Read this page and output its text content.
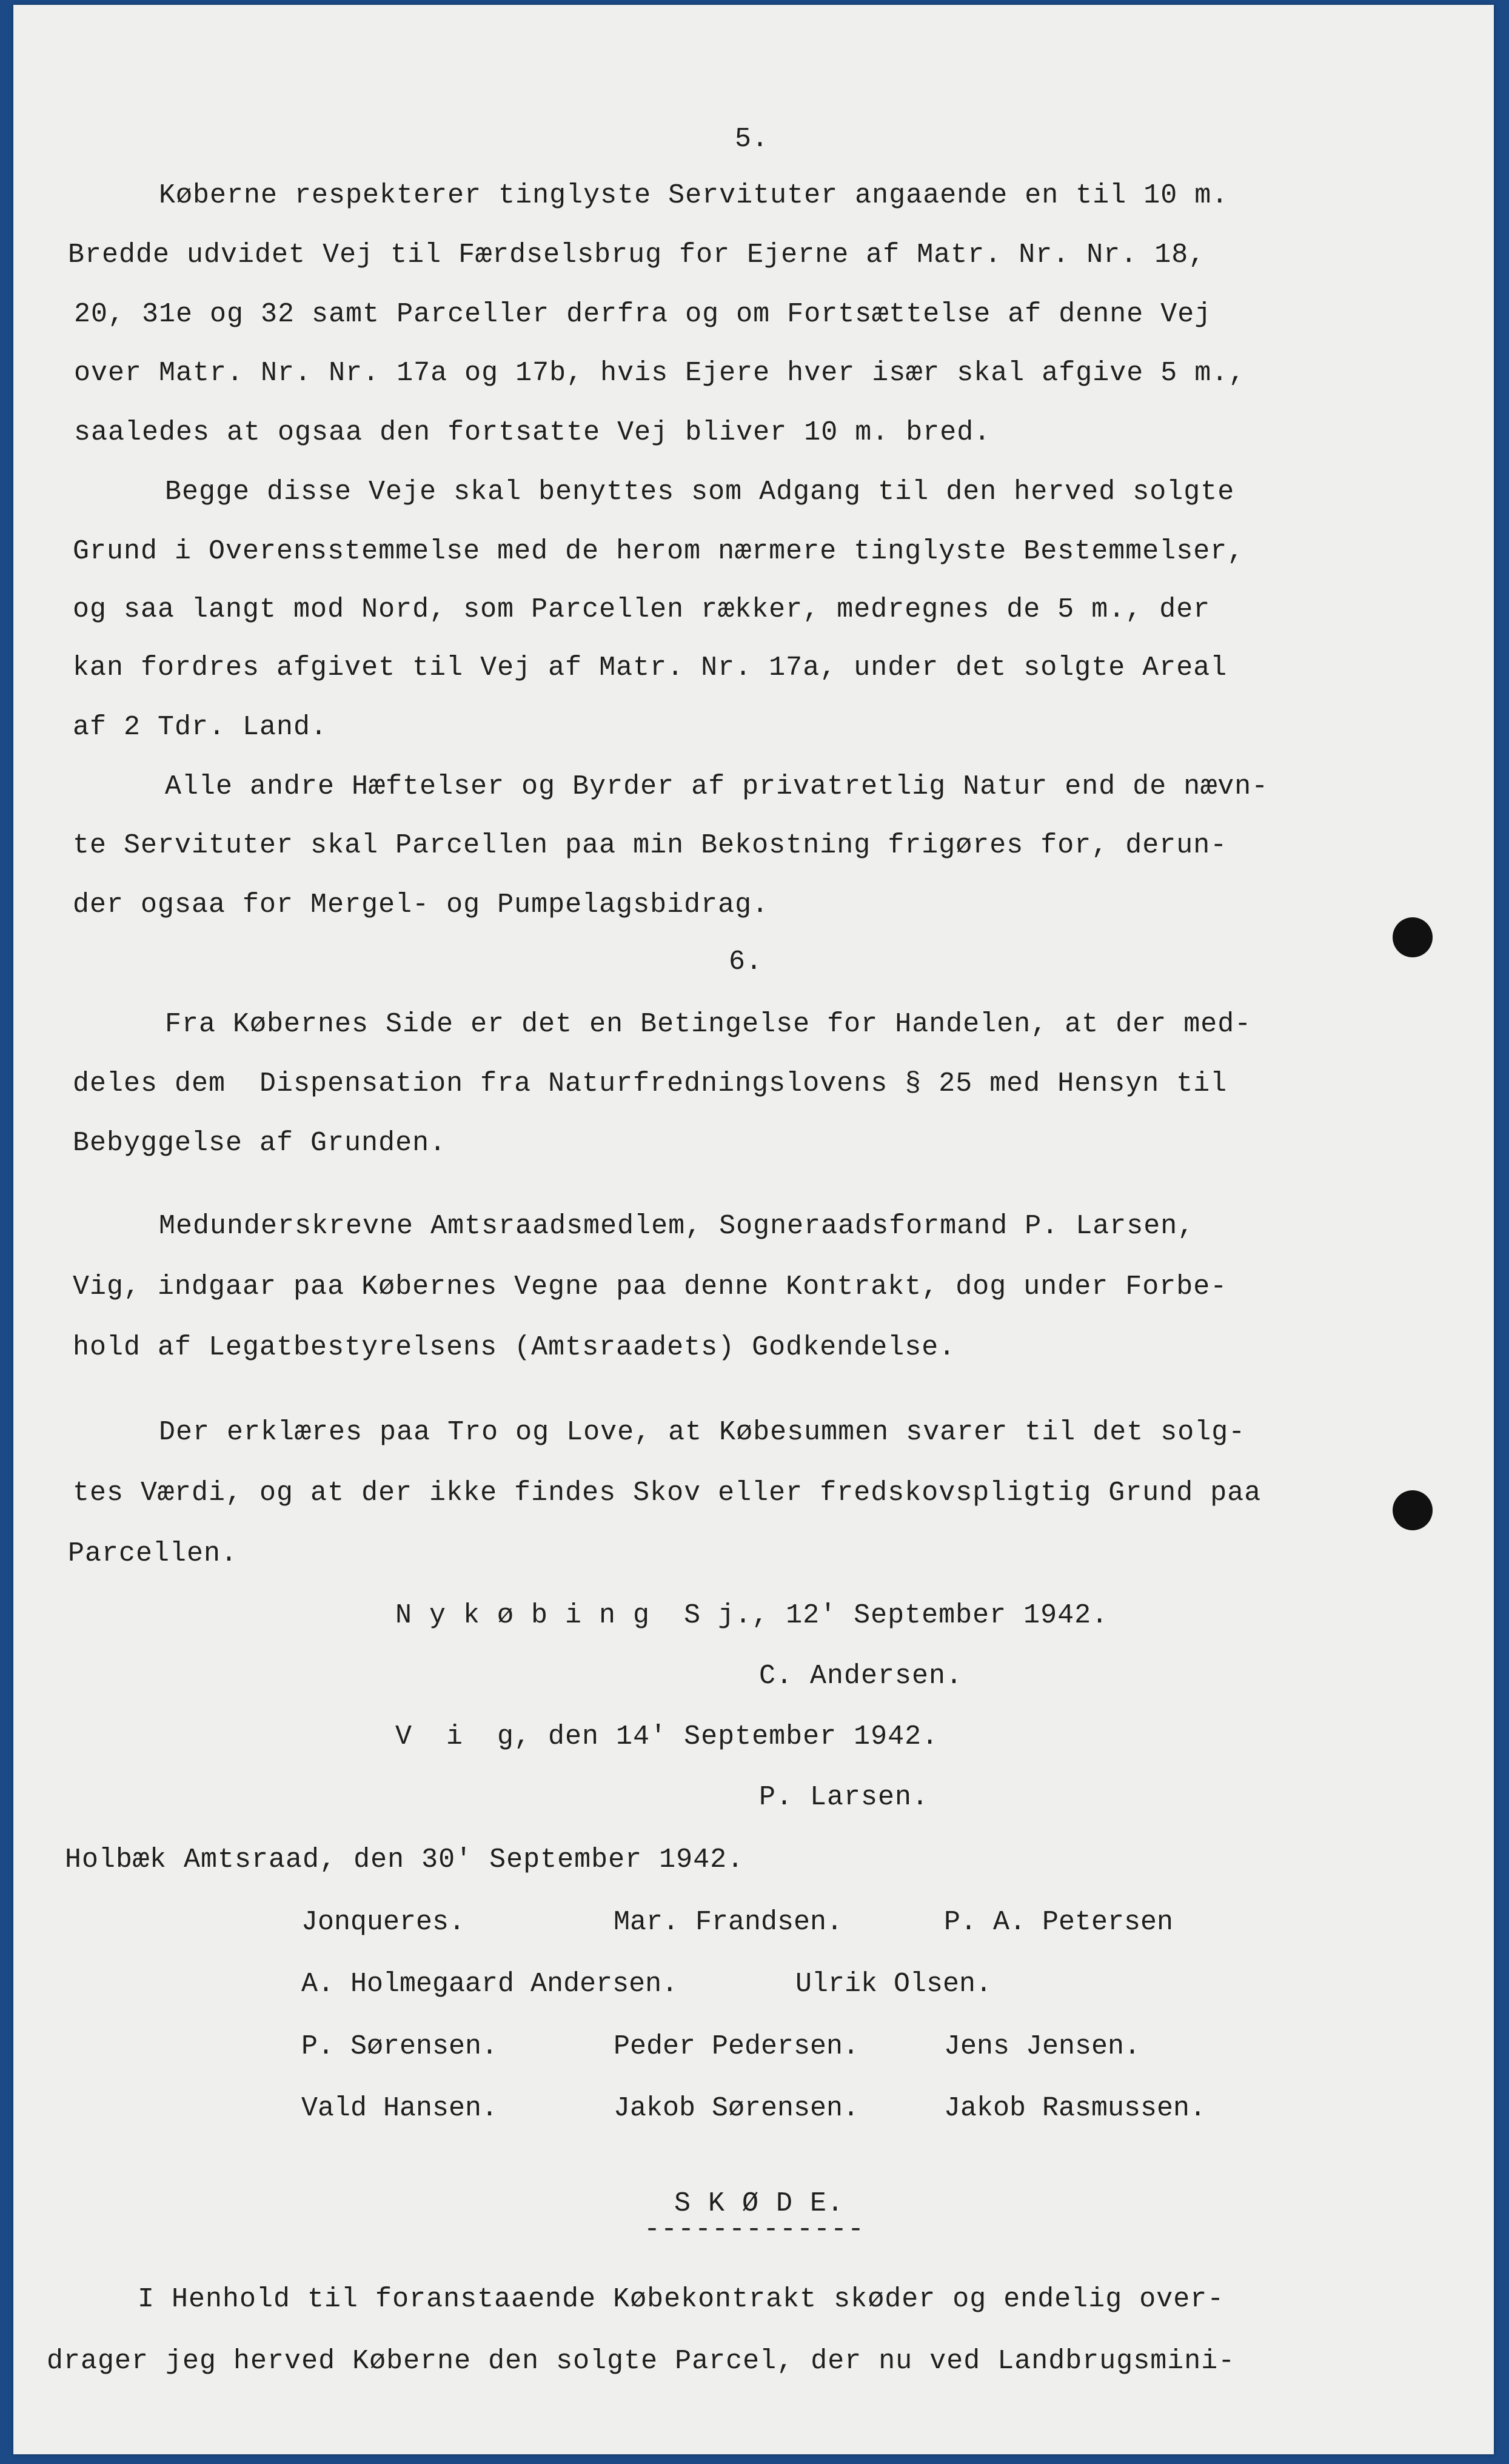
5.
Køberne respekterer tinglyste Servituter angaaende en til 10 m.
Bredde udvidet Vej til Færdselsbrug for Ejerne af Matr. Nr. Nr. 18,
20, 31e og 32 samt Parceller derfra og om Fortsættelse af denne Vej
over Matr. Nr. Nr. 17a og 17b, hvis Ejere hver især skal afgive 5 m.,
saaledes at ogsaa den fortsatte Vej bliver 10 m. bred.
Begge disse Veje skal benyttes som Adgang til den herved solgte
Grund i Overensstemmelse med de herom nærmere tinglyste Bestemmelser,
og saa langt mod Nord, som Parcellen rækker, medregnes de 5 m., der
kan fordres afgivet til Vej af Matr. Nr. 17a, under det solgte Areal
af 2 Tdr. Land.
Alle andre Hæftelser og Byrder af privatretlig Natur end de nævn-
te Servituter skal Parcellen paa min Bekostning frigøres for, derun-
der ogsaa for Mergel- og Pumpelagsbidrag.
6.
Fra Købernes Side er det en Betingelse for Handelen, at der med-
deles dem  Dispensation fra Naturfredningslovens § 25 med Hensyn til
Bebyggelse af Grunden.
Medunderskrevne Amtsraadsmedlem, Sogneraadsformand P. Larsen,
Vig, indgaar paa Købernes Vegne paa denne Kontrakt, dog under Forbe-
hold af Legatbestyrelsens (Amtsraadets) Godkendelse.
Der erklæres paa Tro og Love, at Købesummen svarer til det solg-
tes Værdi, og at der ikke findes Skov eller fredskovspligtig Grund paa
Parcellen.
N y k ø b i n g  S j., 12' September 1942.
C. Andersen.
V  i  g, den 14' September 1942.
P. Larsen.
Holbæk Amtsraad, den 30' September 1942.
Jonqueres.	Mar. Frandsen.	P. A. Petersen
A. Holmegaard Andersen.	Ulrik Olsen.
P. Sørensen.	Peder Pedersen.	Jens Jensen.
Vald Hansen.	Jakob Sørensen.	Jakob Rasmussen.
S K Ø D E.
-------------
I Henhold til foranstaaende Købekontrakt skøder og endelig over-
drager jeg herved Køberne den solgte Parcel, der nu ved Landbrugsmini-
